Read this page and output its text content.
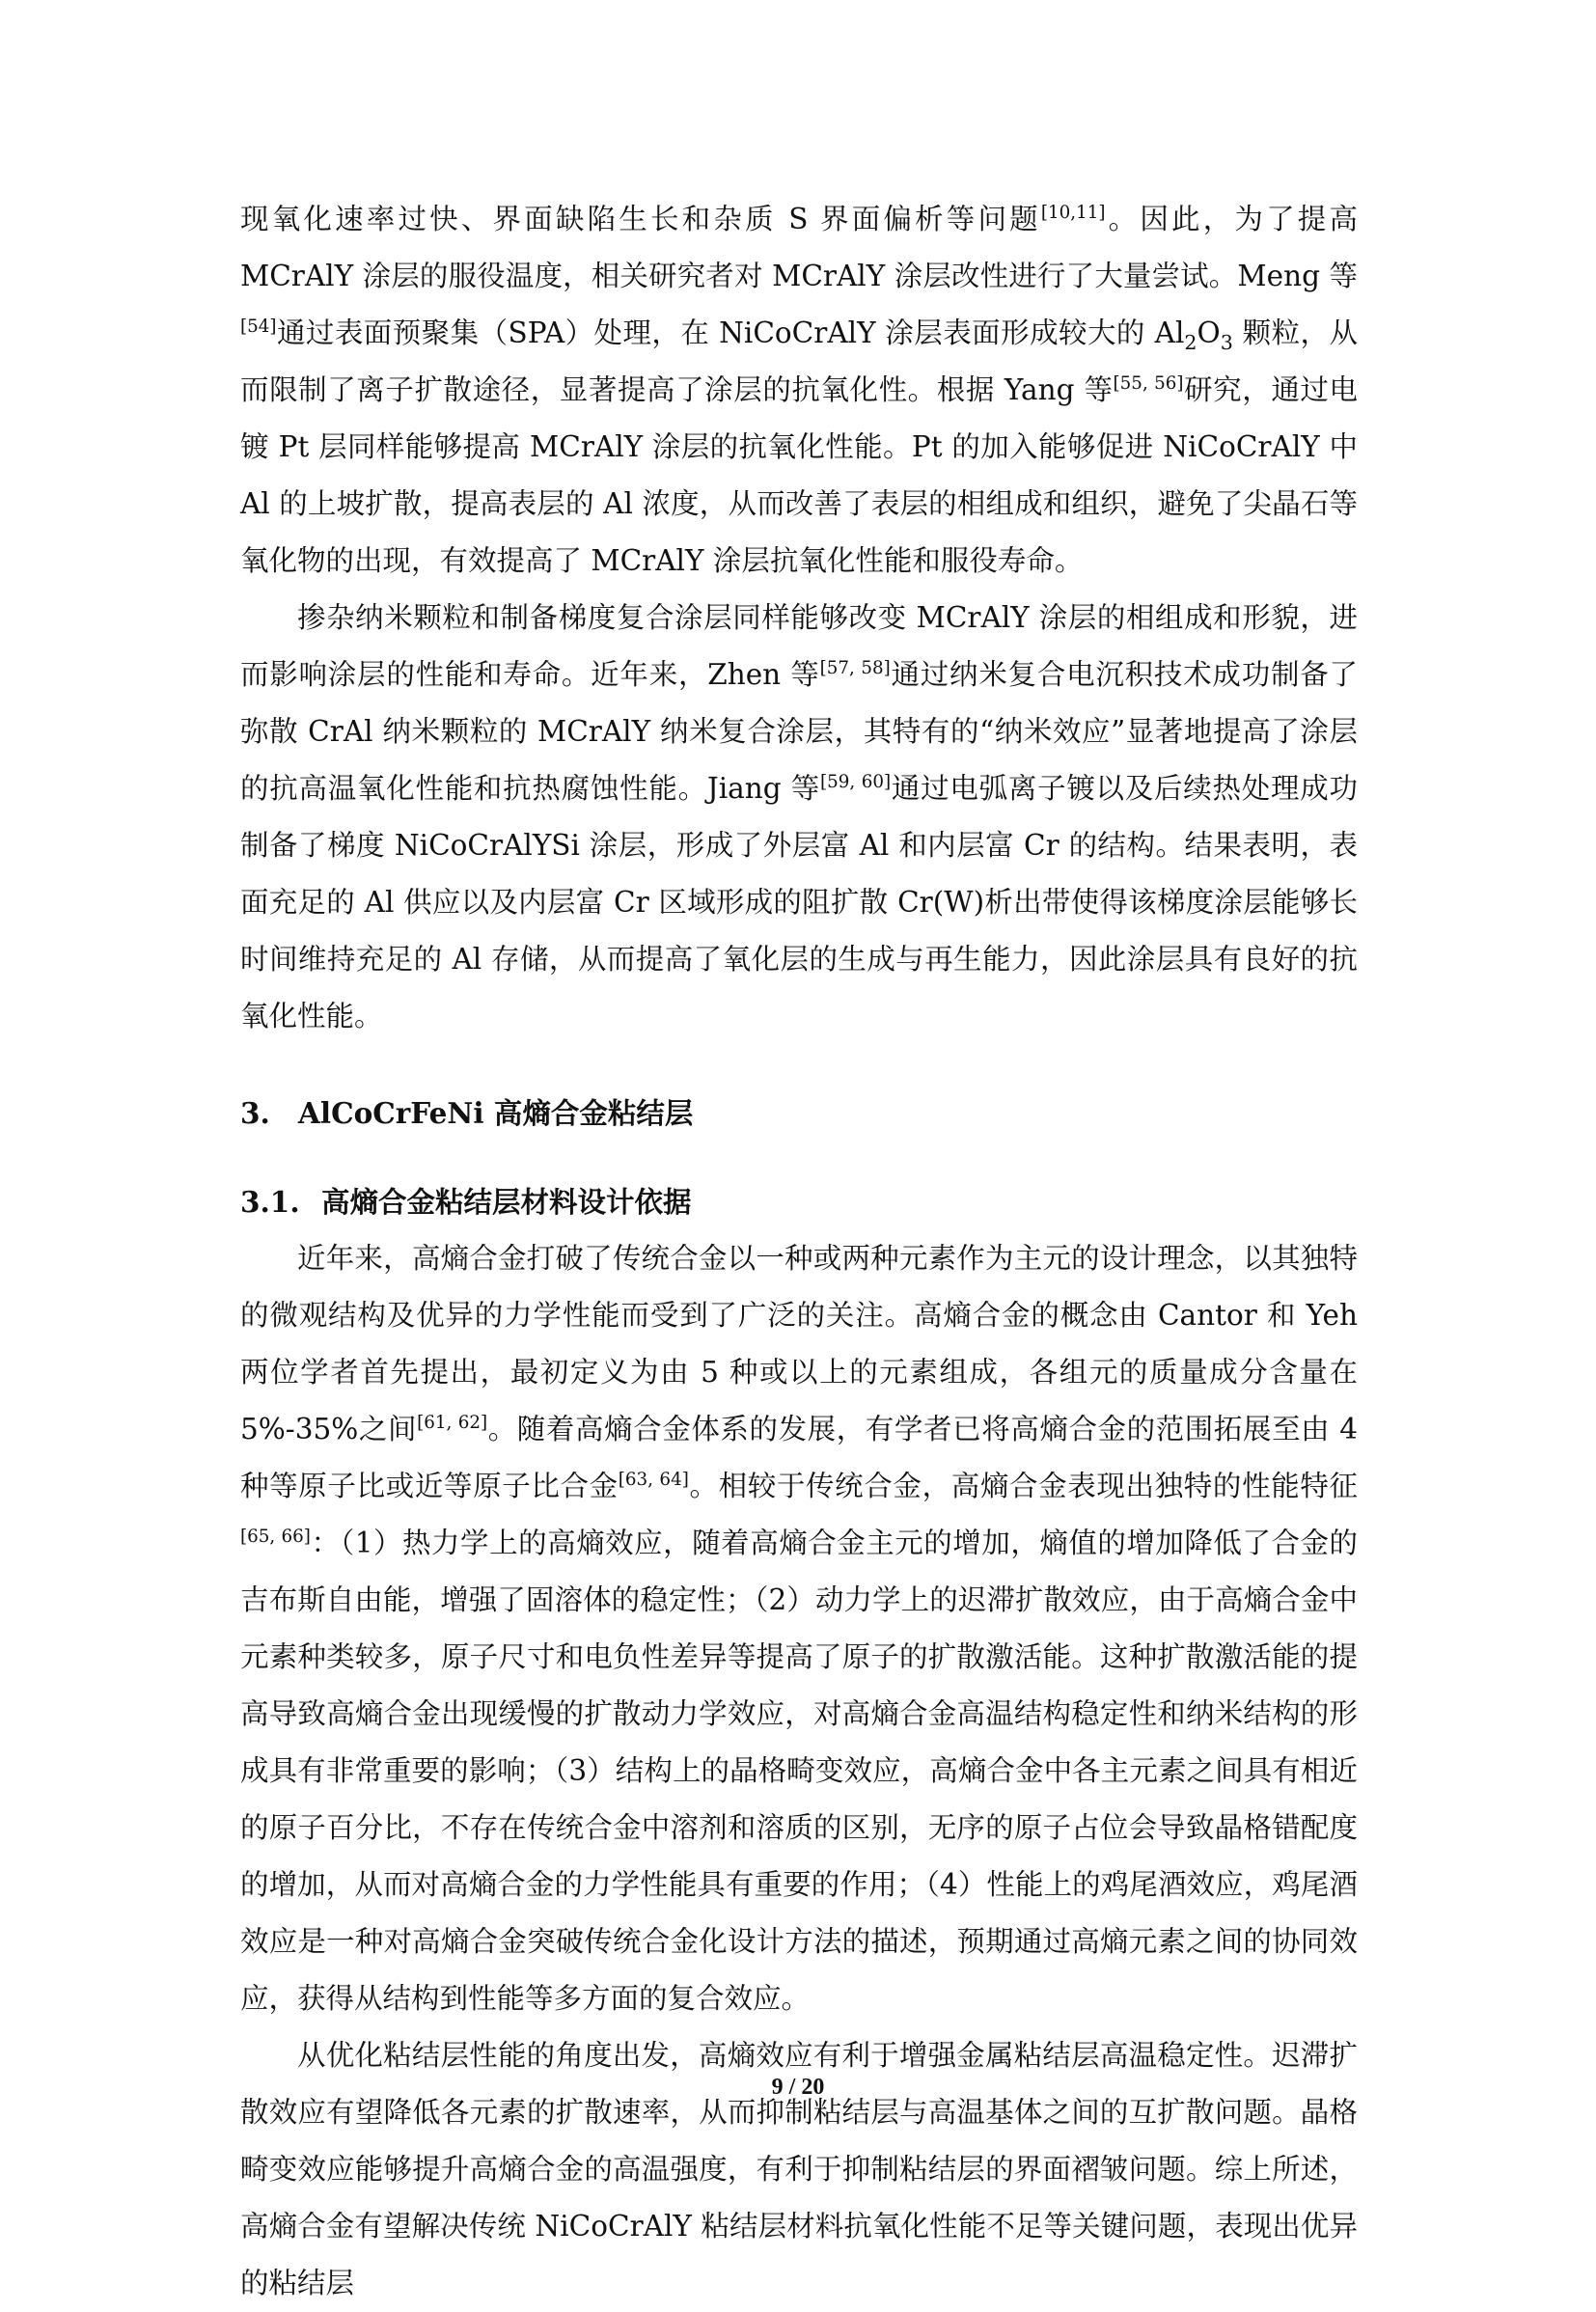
现氧化速率过快、界面缺陷生长和杂质 S 界面偏析等问题[10,11]。因此，为了提高 MCrAlY 涂层的服役温度，相关研究者对 MCrAlY 涂层改性进行了大量尝试。Meng 等[54]通过表面预聚集（SPA）处理，在 NiCoCrAlY 涂层表面形成较大的 $Al_2O_3$ 颗粒，从而限制了离子扩散途径，显著提高了涂层的抗氧化性。根据 Yang 等[55, 56]研究，通过电镀 Pt 层同样能够提高 MCrAlY 涂层的抗氧化性能。Pt 的加入能够促进 NiCoCrAlY 中 Al 的上坡扩散，提高表层的 Al 浓度，从而改善了表层的相组成和组织，避免了尖晶石等氧化物的出现，有效提高了 MCrAlY 涂层抗氧化性能和服役寿命。

掺杂纳米颗粒和制备梯度复合涂层同样能够改变 MCrAlY 涂层的相组成和形貌，进而影响涂层的性能和寿命。近年来，Zhen 等[57, 58]通过纳米复合电沉积技术成功制备了弥散 CrAl 纳米颗粒的 MCrAlY 纳米复合涂层，其特有的“纳米效应”显著地提高了涂层的抗高温氧化性能和抗热腐蚀性能。Jiang 等[59, 60]通过电弧离子镀以及后续热处理成功制备了梯度 NiCoCrAlYSi 涂层，形成了外层富 Al 和内层富 Cr 的结构。结果表明，表面充足的 Al 供应以及内层富 Cr 区域形成的阻扩散 Cr(W)析出带使得该梯度涂层能够长时间维持充足的 Al 存储，从而提高了氧化层的生成与再生能力，因此涂层具有良好的抗氧化性能。

3. AlCoCrFeNi 高熵合金粘结层
3.1. 高熵合金粘结层材料设计依据

近年来，高熵合金打破了传统合金以一种或两种元素作为主元的设计理念，以其独特的微观结构及优异的力学性能而受到了广泛的关注。高熵合金的概念由 Cantor 和 Yeh 两位学者首先提出，最初定义为由 5 种或以上的元素组成，各组元的质量成分含量在 5%-35%之间[61, 62]。随着高熵合金体系的发展，有学者已将高熵合金的范围拓展至由 4 种等原子比或近等原子比合金[63, 64]。相较于传统合金，高熵合金表现出独特的性能特征[65, 66]：（1）热力学上的高熵效应，随着高熵合金主元的增加，熵值的增加降低了合金的吉布斯自由能，增强了固溶体的稳定性；（2）动力学上的迟滞扩散效应，由于高熵合金中元素种类较多，原子尺寸和电负性差异等提高了原子的扩散激活能。这种扩散激活能的提高导致高熵合金出现缓慢的扩散动力学效应，对高熵合金高温结构稳定性和纳米结构的形成具有非常重要的影响；（3）结构上的晶格畸变效应，高熵合金中各主元素之间具有相近的原子百分比，不存在传统合金中溶剂和溶质的区别，无序的原子占位会导致晶格错配度的增加，从而对高熵合金的力学性能具有重要的作用；（4）性能上的鸡尾酒效应，鸡尾酒效应是一种对高熵合金突破传统合金化设计方法的描述，预期通过高熵元素之间的协同效应，获得从结构到性能等多方面的复合效应。

从优化粘结层性能的角度出发，高熵效应有利于增强金属粘结层高温稳定性。迟滞扩散效应有望降低各元素的扩散速率，从而抑制粘结层与高温基体之间的互扩散问题。晶格畸变效应能够提升高熵合金的高温强度，有利于抑制粘结层的界面褶皱问题。综上所述，高熵合金有望解决传统 NiCoCrAlY 粘结层材料抗氧化性能不足等关键问题，表现出优异的粘结层

9 / 20
